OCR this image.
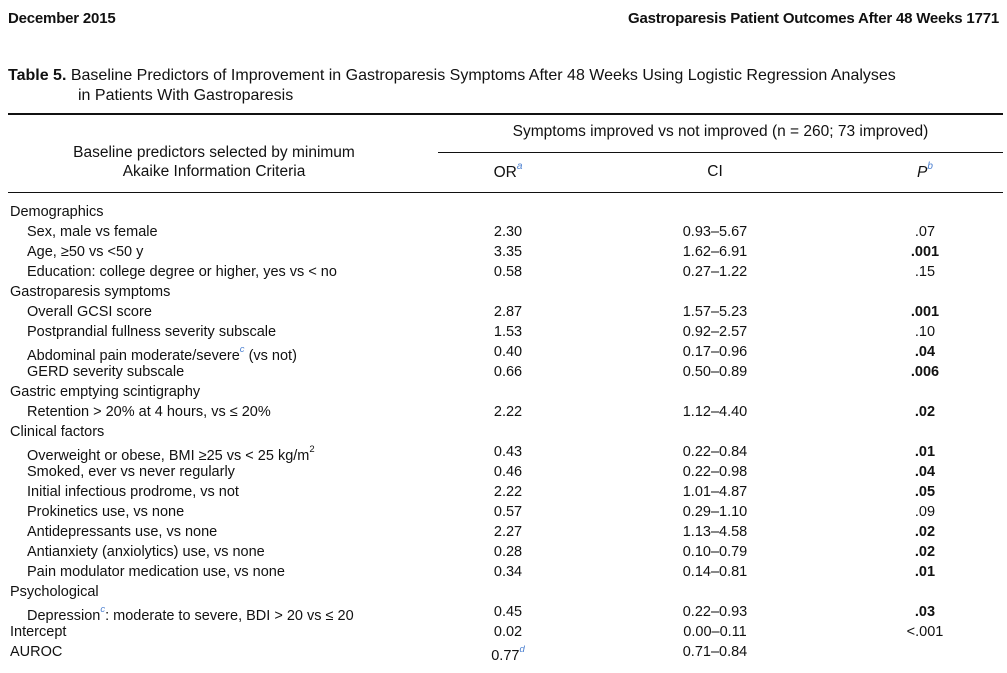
December 2015	Gastroparesis Patient Outcomes After 48 Weeks 1771
Table 5. Baseline Predictors of Improvement in Gastroparesis Symptoms After 48 Weeks Using Logistic Regression Analyses
in Patients With Gastroparesis
Baseline predictors selected by minimum
Akaike Information Criteria
Symptoms improved vs not improved (n = 260; 73 improved)
$OR^a$	CI	$P^b$
Demographics
Sex, male vs female	2.30	0.93–5.67	.07
Age, ≥50 vs <50 y	3.35	1.62–6.91	.001
Education: college degree or higher, yes vs < no	0.58	0.27–1.22	.15
Gastroparesis symptoms
Overall GCSI score	2.87	1.57–5.23	.001
Postprandial fullness severity subscale	1.53	0.92–2.57	.10
Abdominal pain moderate/severe$^c$ (vs not)	0.40	0.17–0.96	.04
GERD severity subscale	0.66	0.50–0.89	.006
Gastric emptying scintigraphy
Retention > 20% at 4 hours, vs ≤ 20%	2.22	1.12–4.40	.02
Clinical factors
Overweight or obese, BMI ≥25 vs < 25 $kg/m^2$	0.43	0.22–0.84	.01
Smoked, ever vs never regularly	0.46	0.22–0.98	.04
Initial infectious prodrome, vs not	2.22	1.01–4.87	.05
Prokinetics use, vs none	0.57	0.29–1.10	.09
Antidepressants use, vs none	2.27	1.13–4.58	.02
Antianxiety (anxiolytics) use, vs none	0.28	0.10–0.79	.02
Pain modulator medication use, vs none	0.34	0.14–0.81	.01
Psychological
Depression$^c$: moderate to severe, BDI > 20 vs ≤ 20	0.45	0.22–0.93	.03
Intercept	0.02	0.00–0.11	<.001
AUROC	0.77$^d$	0.71–0.84
